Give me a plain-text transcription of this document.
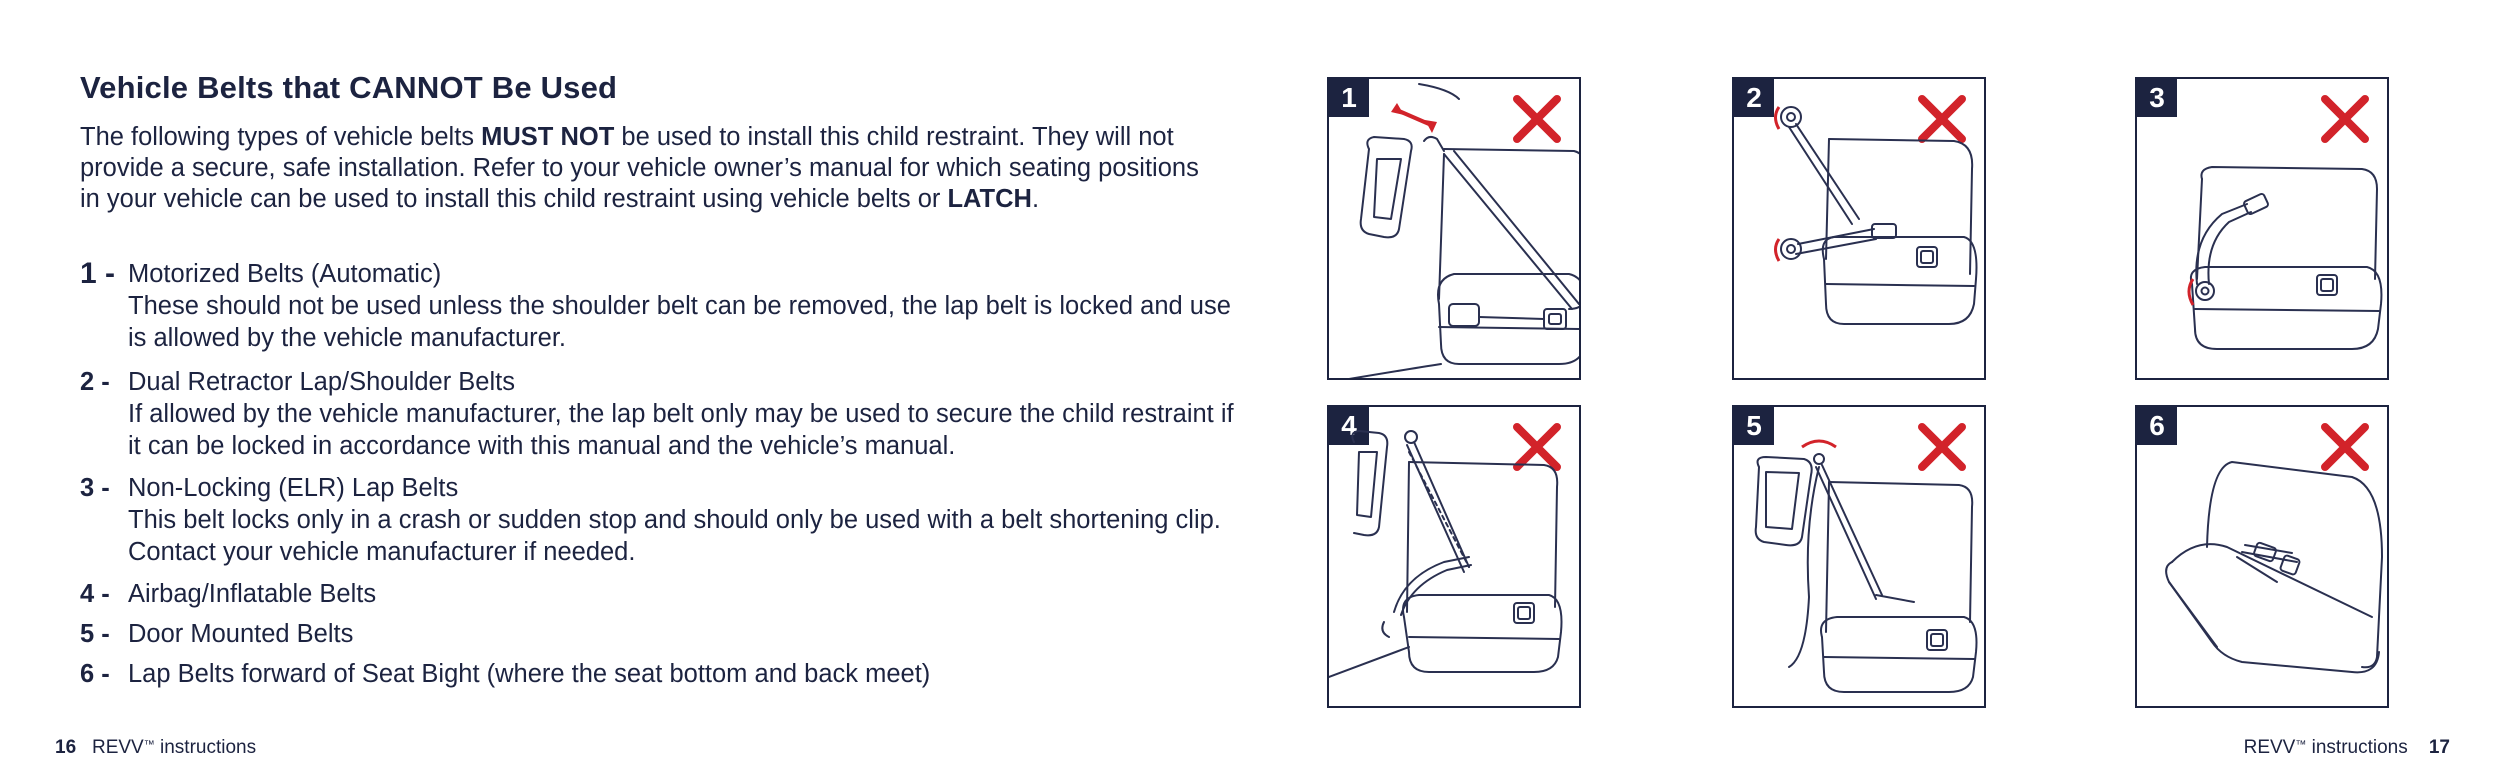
Vehicle Belts that CANNOT Be Used

The following types of vehicle belts MUST NOT be used to install this child restraint. They will not provide a secure, safe installation. Refer to your vehicle owner’s manual for which seating positions in your vehicle can be used to install this child restraint using vehicle belts or LATCH.

1 - Motorized Belts (Automatic)
These should not be used unless the shoulder belt can be removed, the lap belt is locked and use is allowed by the vehicle manufacturer.
2 - Dual Retractor Lap/Shoulder Belts
If allowed by the vehicle manufacturer, the lap belt only may be used to secure the child restraint if it can be locked in accordance with this manual and the vehicle’s manual.
3 - Non-Locking (ELR) Lap Belts
This belt locks only in a crash or sudden stop and should only be used with a belt shortening clip. Contact your vehicle manufacturer if needed.
4 - Airbag/Inflatable Belts
5 - Door Mounted Belts
6 - Lap Belts forward of Seat Bight (where the seat bottom and back meet)
16 REVV™ instructions
1	2	3
4	5	6
REVV™ instructions 17
